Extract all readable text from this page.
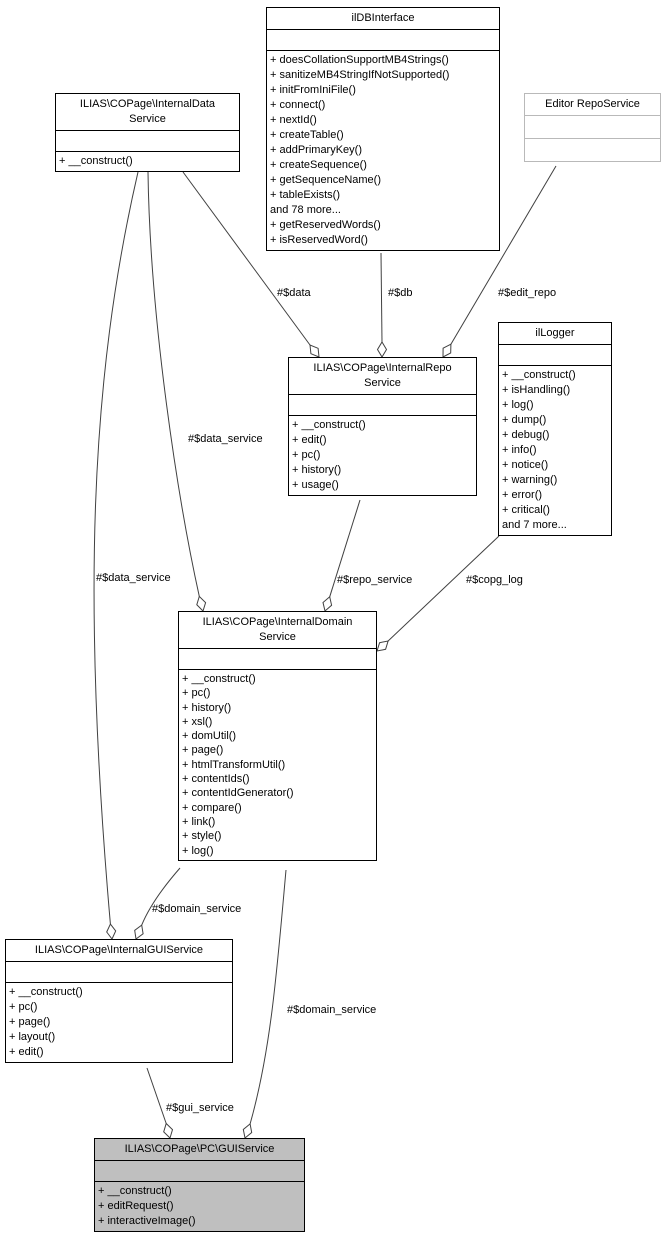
#$data	#$db	#$edit_repo
#$data_service
#$data_service	#$repo_service	#$copg_log
#$domain_service
#$domain_service
#$gui_service
ilDBInterface
+ doesCollationSupportMB4Strings()
+ sanitizeMB4StringIfNotSupported()
+ initFromIniFile()
+ connect()
+ nextId()
+ createTable()
+ addPrimaryKey()
+ createSequence()
+ getSequenceName()
+ tableExists()
and 78 more...
+ getReservedWords()
+ isReservedWord()
ILIAS\COPage\InternalData
Service
+ __construct()
Editor RepoService
ILIAS\COPage\InternalRepo
Service
+ __construct()
+ edit()
+ pc()
+ history()
+ usage()
ilLogger
+ __construct()
+ isHandling()
+ log()
+ dump()
+ debug()
+ info()
+ notice()
+ warning()
+ error()
+ critical()
and 7 more...
ILIAS\COPage\InternalDomain
Service
+ __construct()
+ pc()
+ history()
+ xsl()
+ domUtil()
+ page()
+ htmlTransformUtil()
+ contentIds()
+ contentIdGenerator()
+ compare()
+ link()
+ style()
+ log()
ILIAS\COPage\InternalGUIService
+ __construct()
+ pc()
+ page()
+ layout()
+ edit()
ILIAS\COPage\PC\GUIService
+ __construct()
+ editRequest()
+ interactiveImage()
